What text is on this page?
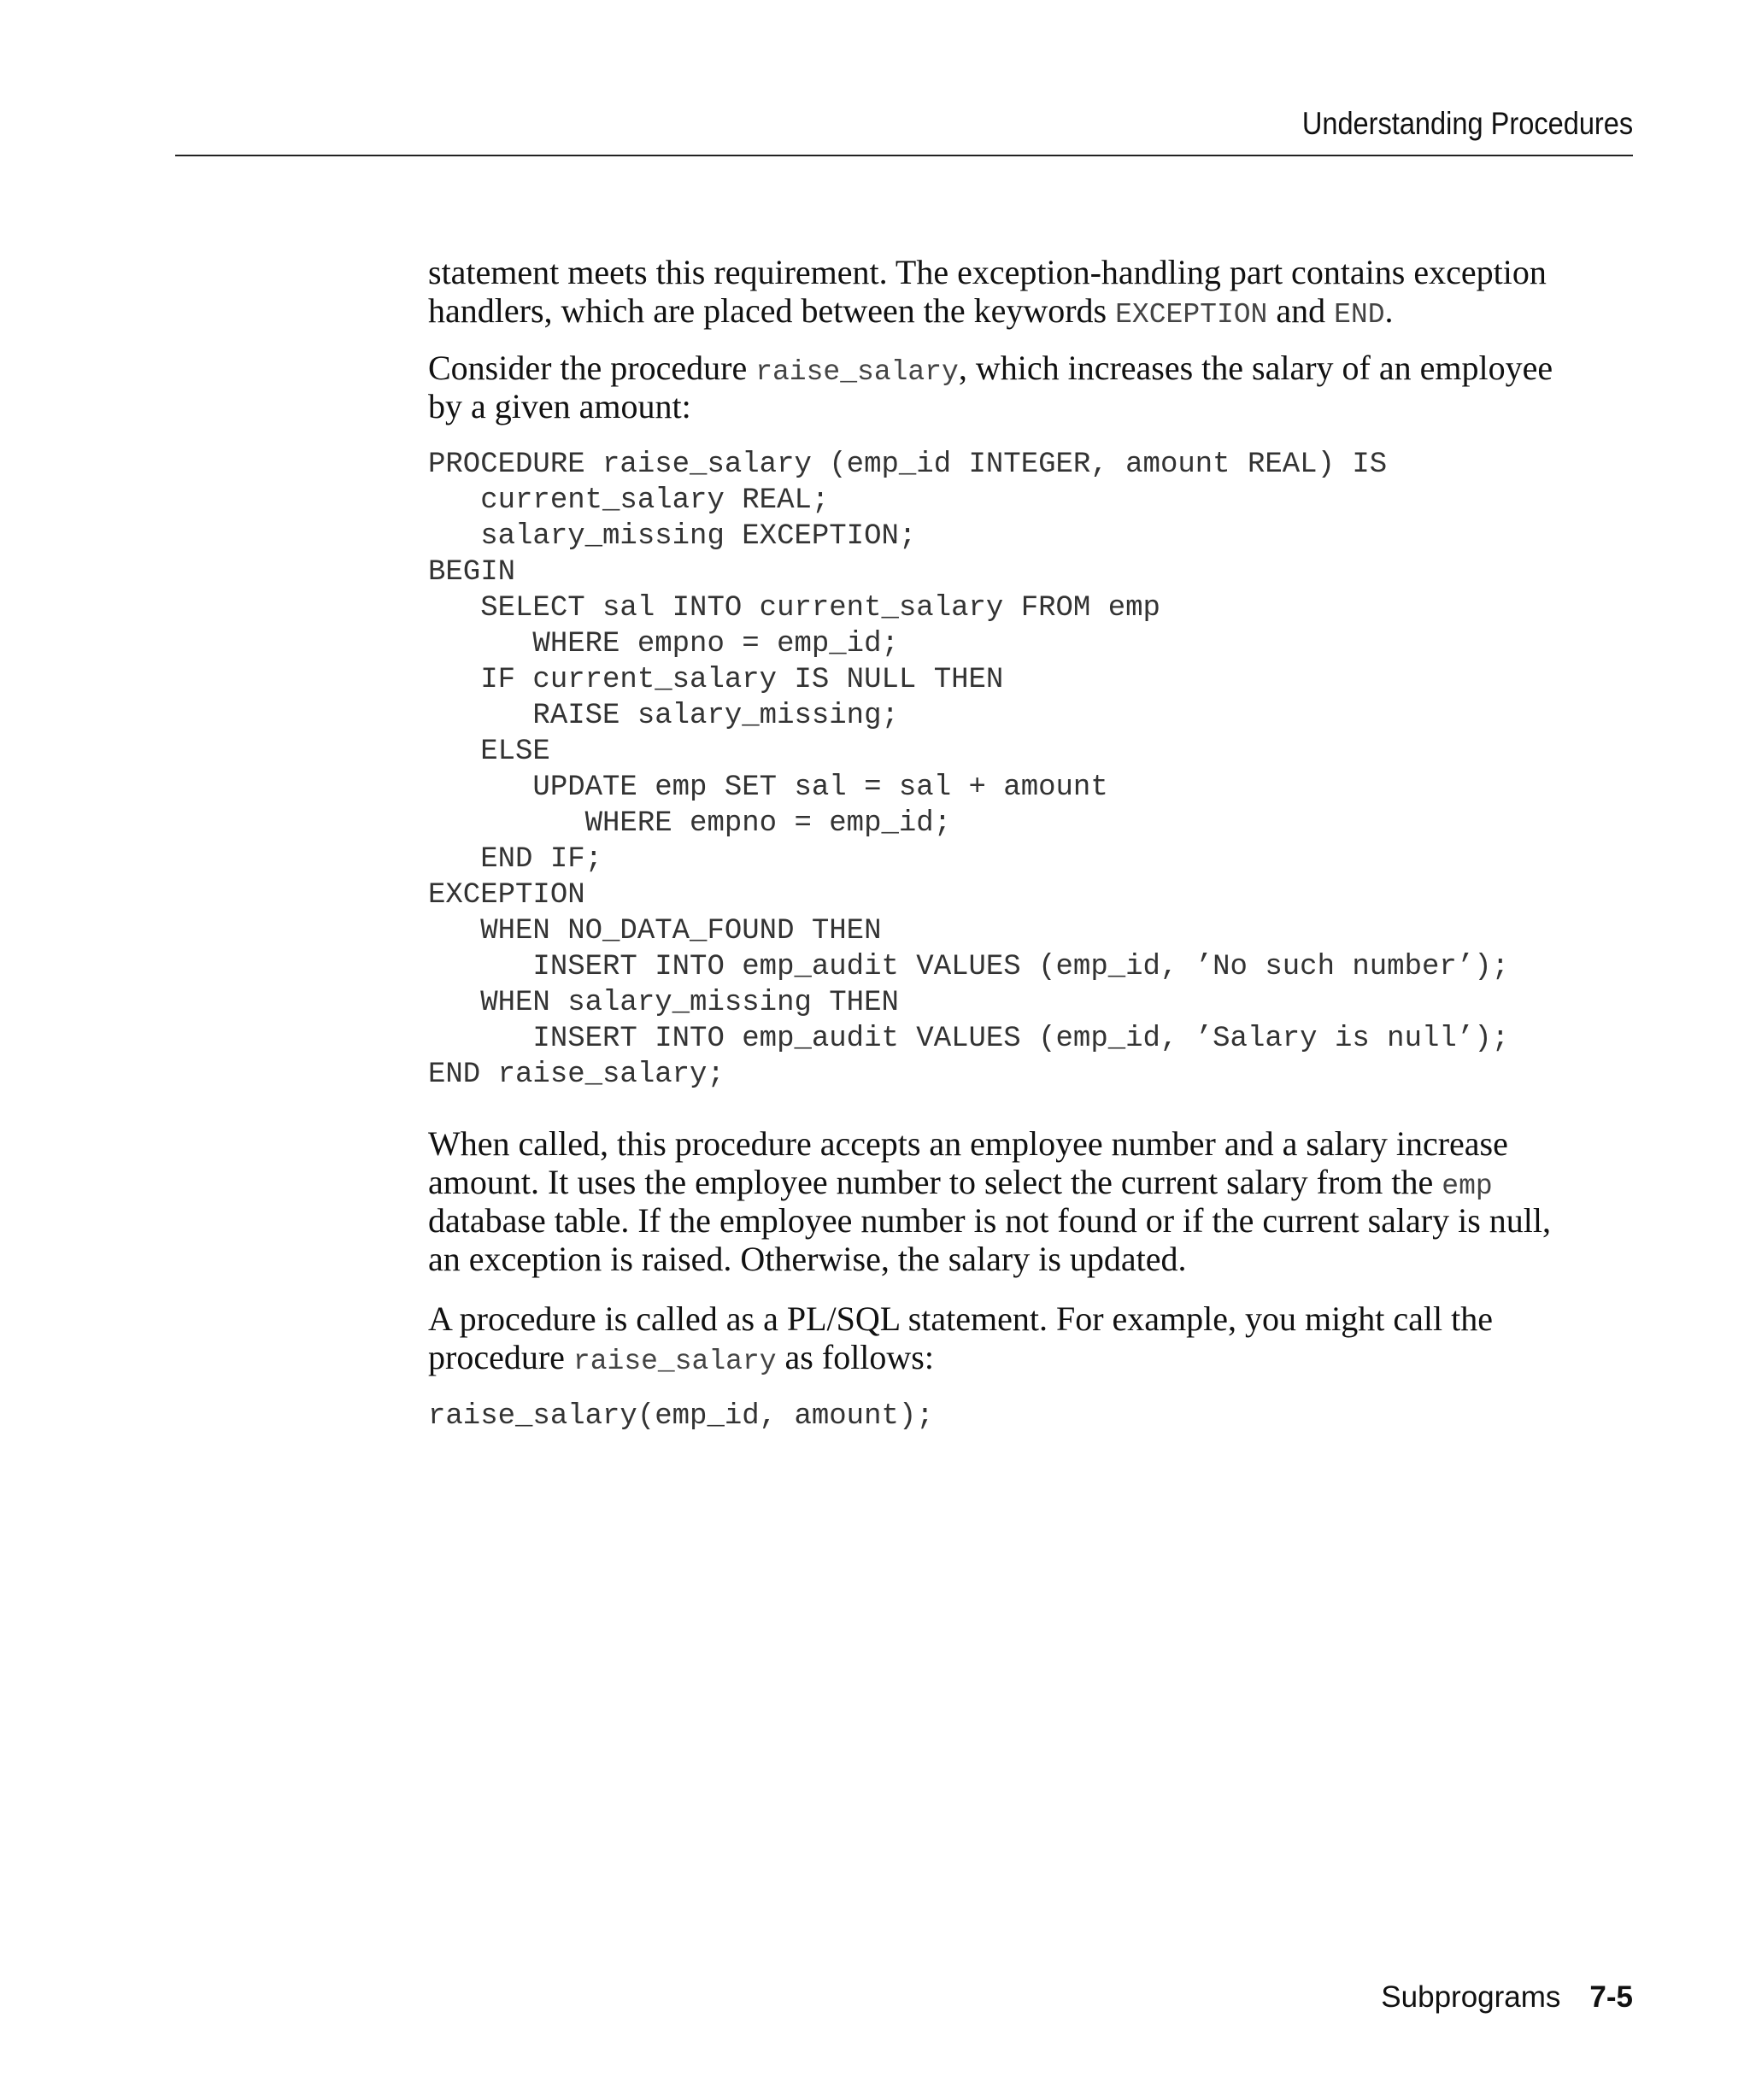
Understanding Procedures
statement meets this requirement. The exception-handling part contains exception
handlers, which are placed between the keywords EXCEPTION and END.
Consider the procedure raise_salary, which increases the salary of an employee
by a given amount:
PROCEDURE raise_salary (emp_id INTEGER, amount REAL) IS
current_salary REAL;
salary_missing EXCEPTION;
BEGIN
SELECT sal INTO current_salary FROM emp
WHERE empno = emp_id;
IF current_salary IS NULL THEN
RAISE salary_missing;
ELSE
UPDATE emp SET sal = sal + amount
WHERE empno = emp_id;
END IF;
EXCEPTION
WHEN NO_DATA_FOUND THEN
INSERT INTO emp_audit VALUES (emp_id, ’No such number’);
WHEN salary_missing THEN
INSERT INTO emp_audit VALUES (emp_id, ’Salary is null’);
END raise_salary;
When called, this procedure accepts an employee number and a salary increase
amount. It uses the employee number to select the current salary from the emp
database table. If the employee number is not found or if the current salary is null,
an exception is raised. Otherwise, the salary is updated.
A procedure is called as a PL/SQL statement. For example, you might call the
procedure raise_salary as follows:
raise_salary(emp_id, amount);
Subprograms 7-5
